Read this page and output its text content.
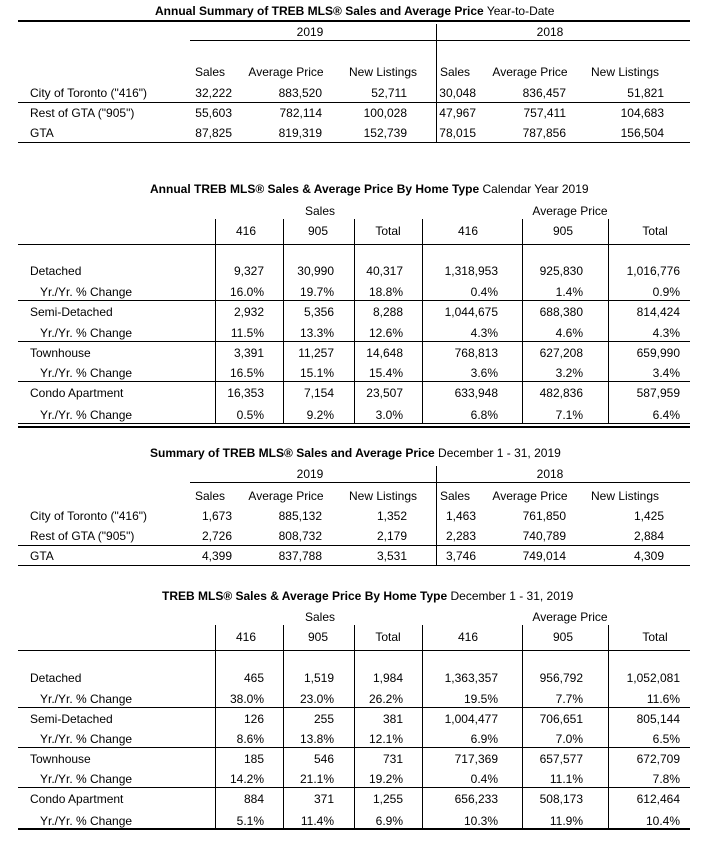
Annual Summary of TREB MLS® Sales and Average Price Year-to-Date
2019	2018
Annual TREB MLS® Sales & Average Price By Home Type Calendar Year 2019
Sales	Average Price
Summary of TREB MLS® Sales and Average Price December 1 - 31, 2019
2019	2018
TREB MLS® Sales & Average Price By Home Type December 1 - 31, 2019
Sales	Average Price
Sales	Average Price	New Listings	Sales	Average Price	New Listings
City of Toronto ("416")	32,222	883,520	52,711	30,048	836,457	51,821
Rest of GTA ("905")	55,603	782,114	100,028	47,967	757,411	104,683
GTA	87,825	819,319	152,739	78,015	787,856	156,504
Sales	Average Price	New Listings	Sales	Average Price	New Listings
City of Toronto ("416")	1,673	885,132	1,352	1,463	761,850	1,425
Rest of GTA ("905")	2,726	808,732	2,179	2,283	740,789	2,884
GTA	4,399	837,788	3,531	3,746	749,014	4,309
416	905	Total	416	905	Total
Detached	9,327	30,990	40,317	1,318,953	925,830	1,016,776
Yr./Yr. % Change	16.0%	19.7%	18.8%	0.4%	1.4%	0.9%
Semi-Detached	2,932	5,356	8,288	1,044,675	688,380	814,424
Yr./Yr. % Change	11.5%	13.3%	12.6%	4.3%	4.6%	4.3%
Townhouse	3,391	11,257	14,648	768,813	627,208	659,990
Yr./Yr. % Change	16.5%	15.1%	15.4%	3.6%	3.2%	3.4%
Condo Apartment	16,353	7,154	23,507	633,948	482,836	587,959
Yr./Yr. % Change	0.5%	9.2%	3.0%	6.8%	7.1%	6.4%
416	905	Total	416	905	Total
Detached	465	1,519	1,984	1,363,357	956,792	1,052,081
Yr./Yr. % Change	38.0%	23.0%	26.2%	19.5%	7.7%	11.6%
Semi-Detached	126	255	381	1,004,477	706,651	805,144
Yr./Yr. % Change	8.6%	13.8%	12.1%	6.9%	7.0%	6.5%
Townhouse	185	546	731	717,369	657,577	672,709
Yr./Yr. % Change	14.2%	21.1%	19.2%	0.4%	11.1%	7.8%
Condo Apartment	884	371	1,255	656,233	508,173	612,464
Yr./Yr. % Change	5.1%	11.4%	6.9%	10.3%	11.9%	10.4%
